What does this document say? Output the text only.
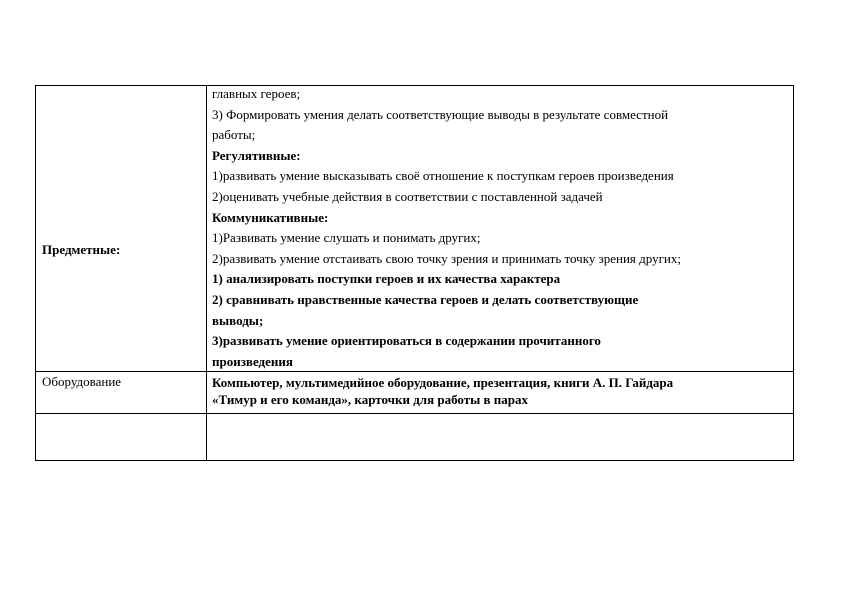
Предметные:
главных героев;
3) Формировать умения делать соответствующие выводы в результате совместной
работы;
Регулятивные:
1)развивать умение высказывать своё отношение к поступкам героев произведения
2)оценивать учебные действия в соответствии с поставленной задачей
Коммуникативные:
1)Развивать умение слушать и понимать других;
2)развивать умение отстаивать свою точку зрения и принимать точку зрения других;
1) анализировать поступки героев и их качества характера
2) сравнивать нравственные качества героев и делать соответствующие
выводы;
3)развивать умение ориентироваться в содержании прочитанного
произведения
Оборудование	Компьютер, мультимедийное оборудование, презентация, книги А. П. Гайдара
«Тимур и его команда», карточки для работы в парах
